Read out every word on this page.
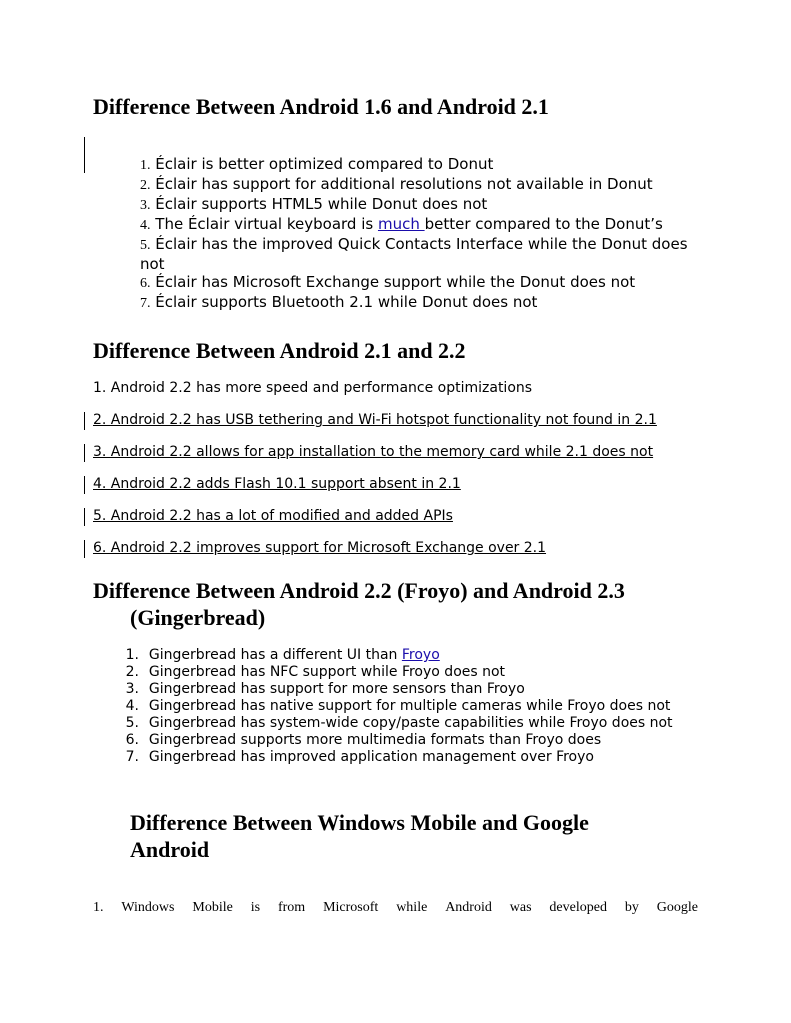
Difference Between Android 1.6 and Android 2.1
1. Éclair is better optimized compared to Donut
2. Éclair has support for additional resolutions not available in Donut
3. Éclair supports HTML5 while Donut does not
4. The Éclair virtual keyboard is much better compared to the Donut’s
5. Éclair has the improved Quick Contacts Interface while the Donut does not
6. Éclair has Microsoft Exchange support while the Donut does not
7. Éclair supports Bluetooth 2.1 while Donut does not
Difference Between Android 2.1 and 2.2
1. Android 2.2 has more speed and performance optimizations
2. Android 2.2 has USB tethering and Wi-Fi hotspot functionality not found in 2.1
3. Android 2.2 allows for app installation to the memory card while 2.1 does not
4. Android 2.2 adds Flash 10.1 support absent in 2.1
5. Android 2.2 has a lot of modified and added APIs
6. Android 2.2 improves support for Microsoft Exchange over 2.1
Difference Between Android 2.2 (Froyo) and Android 2.3
(Gingerbread)
1. Gingerbread has a different UI than Froyo
2. Gingerbread has NFC support while Froyo does not
3. Gingerbread has support for more sensors than Froyo
4. Gingerbread has native support for multiple cameras while Froyo does not
5. Gingerbread has system-wide copy/paste capabilities while Froyo does not
6. Gingerbread supports more multimedia formats than Froyo does
7. Gingerbread has improved application management over Froyo
Difference Between Windows Mobile and Google
Android
1. Windows Mobile is from Microsoft while Android was developed by Google
